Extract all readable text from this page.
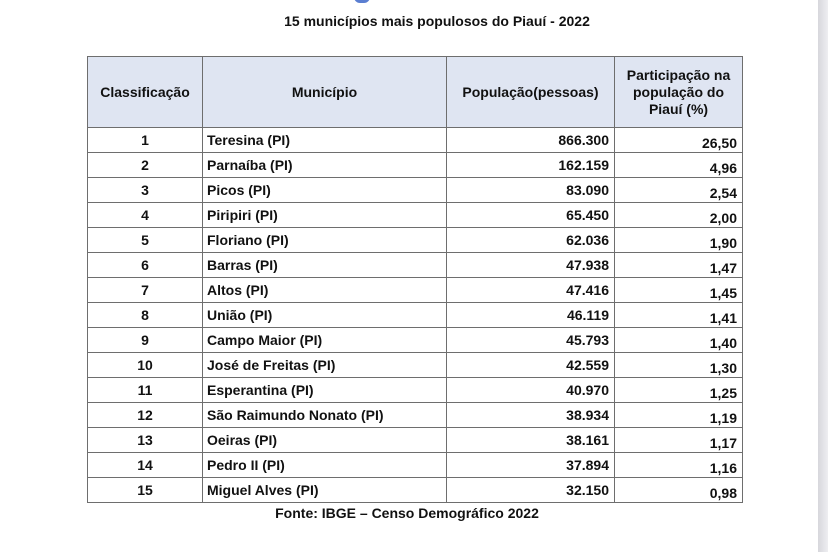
15 municípios mais populosos do Piauí - 2022
Classificação	Município	População(pessoas)	Participação na população do Piauí (%)
1	Teresina (PI)	866.300	26,50
2	Parnaíba (PI)	162.159	4,96
3	Picos (PI)	83.090	2,54
4	Piripiri (PI)	65.450	2,00
5	Floriano (PI)	62.036	1,90
6	Barras (PI)	47.938	1,47
7	Altos (PI)	47.416	1,45
8	União (PI)	46.119	1,41
9	Campo Maior (PI)	45.793	1,40
10	José de Freitas (PI)	42.559	1,30
11	Esperantina (PI)	40.970	1,25
12	São Raimundo Nonato (PI)	38.934	1,19
13	Oeiras (PI)	38.161	1,17
14	Pedro II (PI)	37.894	1,16
15	Miguel Alves (PI)	32.150	0,98
Fonte: IBGE – Censo Demográfico 2022
